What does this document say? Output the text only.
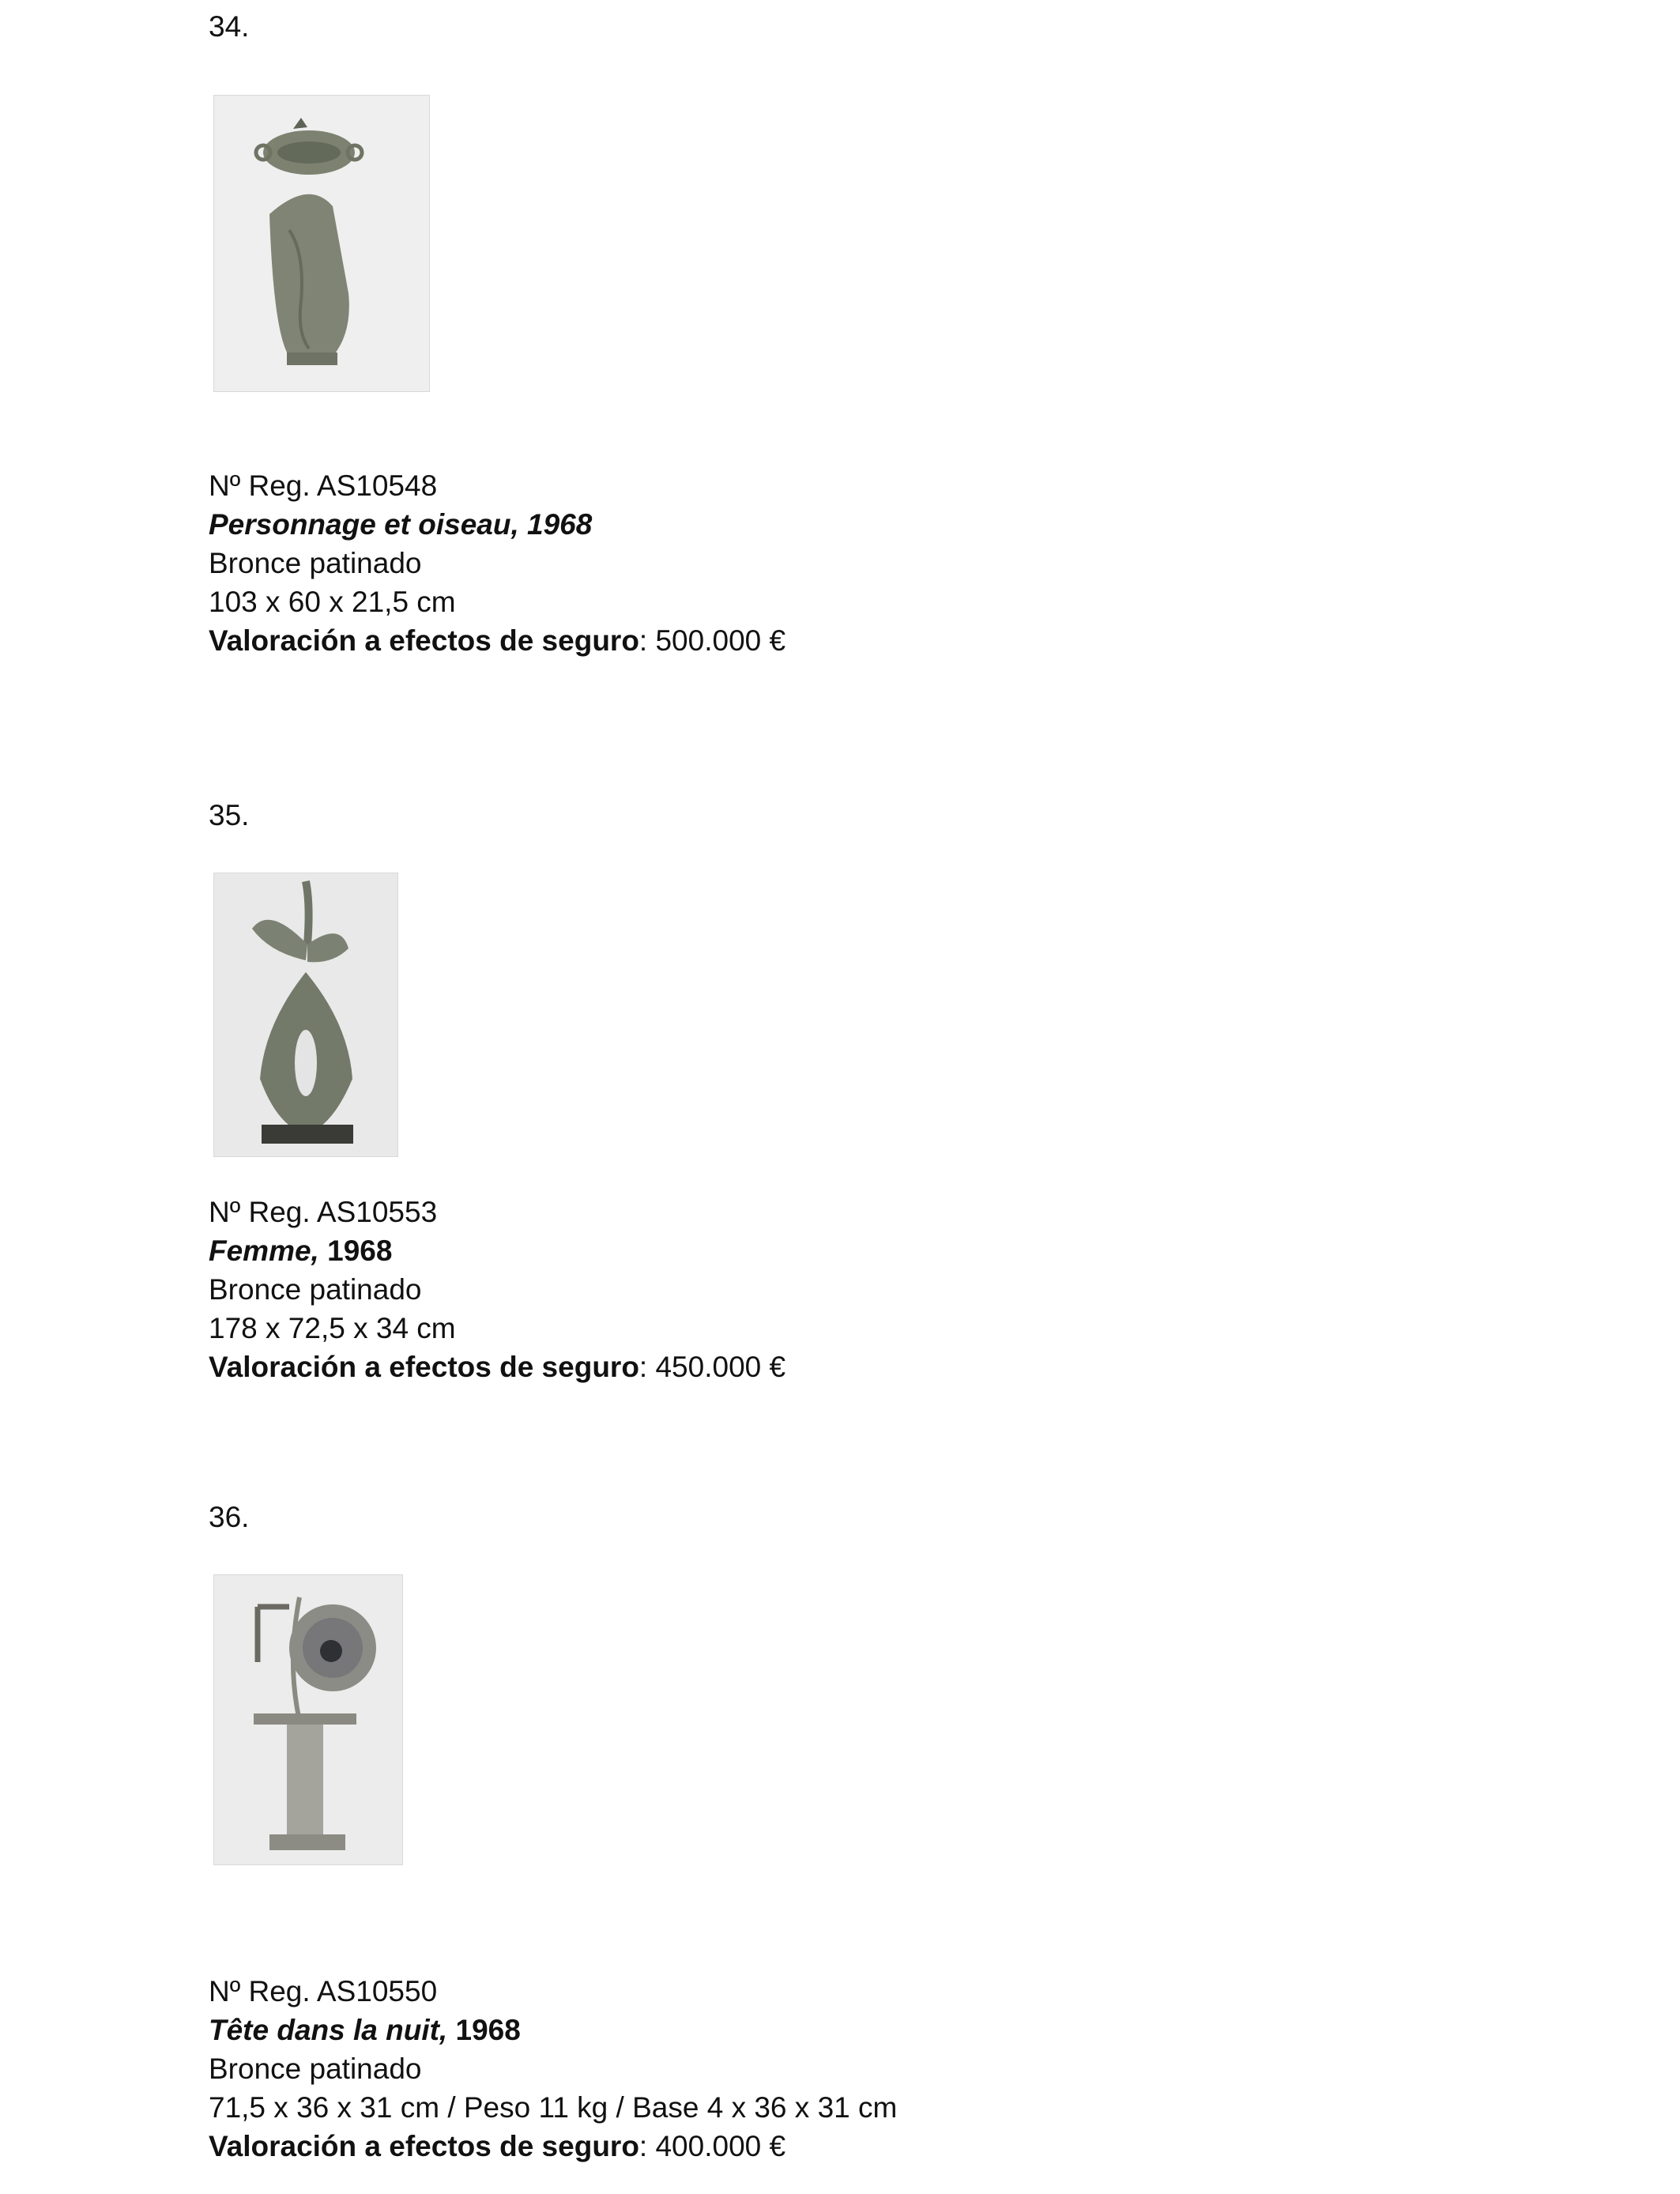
34.
Nº Reg. AS10548
Personnage et oiseau, 1968
Bronce patinado
103 x 60 x 21,5 cm
Valoración a efectos de seguro: 500.000 €
35.
Nº Reg. AS10553
Femme, 1968
Bronce patinado
178 x 72,5 x 34 cm
Valoración a efectos de seguro: 450.000 €
36.
Nº Reg. AS10550
Tête dans la nuit, 1968
Bronce patinado
71,5 x 36 x 31 cm / Peso 11 kg / Base 4 x 36 x 31 cm
Valoración a efectos de seguro: 400.000 €
